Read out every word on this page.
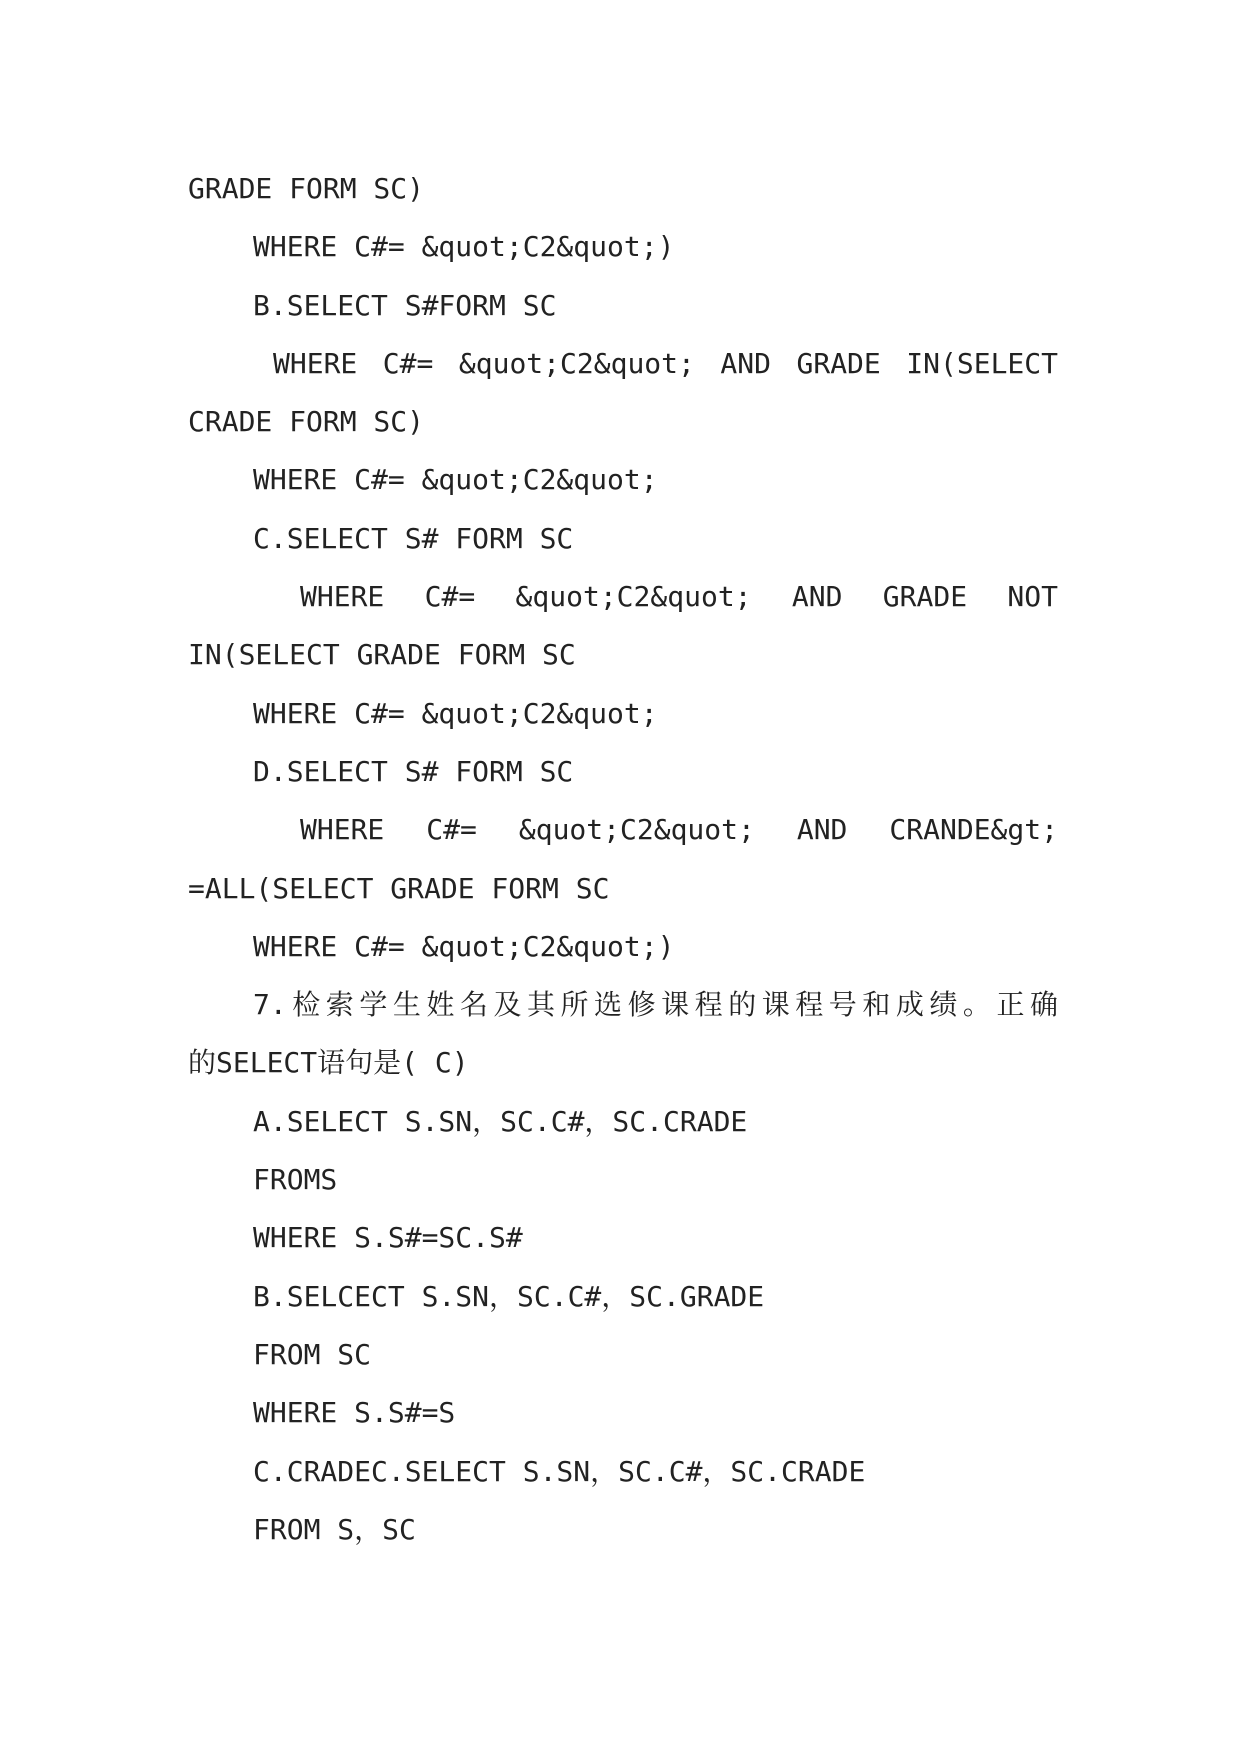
GRADE FORM SC)
WHERE C#= &quot;C2&quot;)
B.SELECT S#FORM SC
WHERE C#= &quot;C2&quot; AND GRADE IN(SELECT
CRADE FORM SC)
WHERE C#= &quot;C2&quot;
C.SELECT S# FORM SC
WHERE C#= &quot;C2&quot; AND GRADE NOT
IN(SELECT GRADE FORM SC
WHERE C#= &quot;C2&quot;
D.SELECT S# FORM SC
WHERE C#= &quot;C2&quot; AND CRANDE&gt;
=ALL(SELECT GRADE FORM SC
WHERE C#= &quot;C2&quot;)
7.检索学生姓名及其所选修课程的课程号和成绩。正确
的SELECT语句是( C)
A.SELECT S.SN，SC.C#，SC.CRADE
FROMS
WHERE S.S#=SC.S#
B.SELCECT S.SN，SC.C#，SC.GRADE
FROM SC
WHERE S.S#=S
C.CRADEC.SELECT S.SN，SC.C#，SC.CRADE
FROM S，SC
